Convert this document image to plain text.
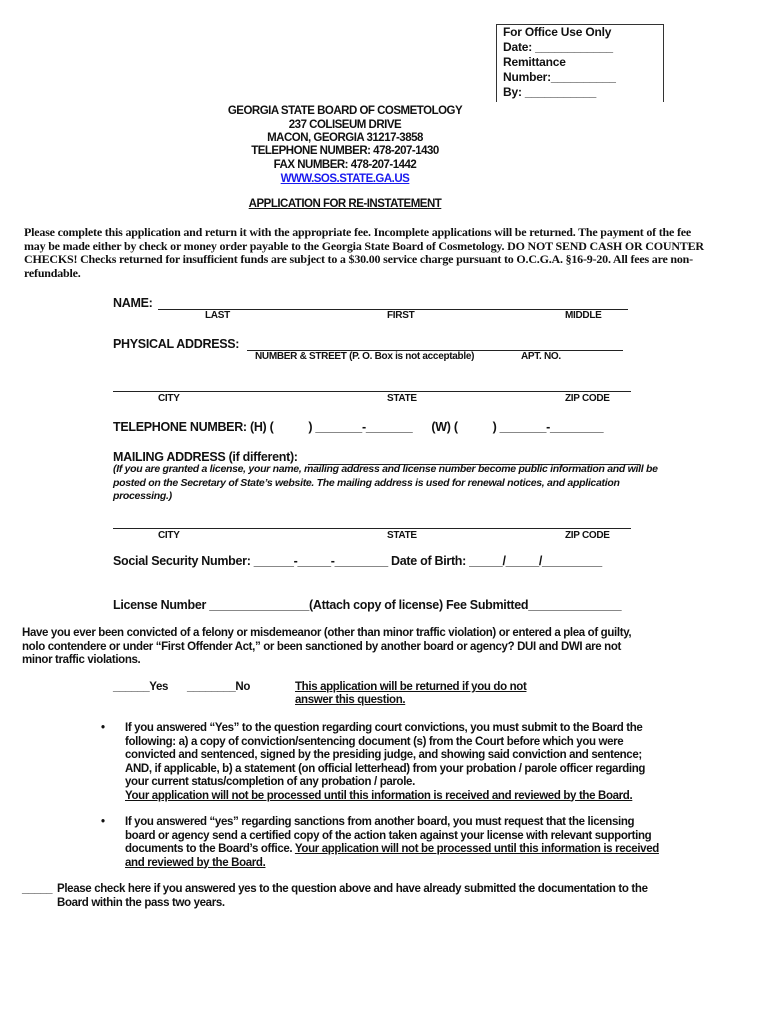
For Office Use Only
Date: ____________
Remittance
Number:__________
By: ___________
GEORGIA STATE BOARD OF COSMETOLOGY
237 COLISEUM DRIVE
MACON, GEORGIA 31217-3858
TELEPHONE NUMBER: 478-207-1430
FAX NUMBER: 478-207-1442
WWW.SOS.STATE.GA.US
APPLICATION FOR RE-INSTATEMENT
Please complete this application and return it with the appropriate fee. Incomplete applications will be returned. The payment of the fee may be made either by check or money order payable to the Georgia State Board of Cosmetology. DO NOT SEND CASH OR COUNTER CHECKS! Checks returned for insufficient funds are subject to a $30.00 service charge pursuant to O.C.G.A. §16-9-20. All fees are non-refundable.
NAME:
LAST	FIRST	MIDDLE
PHYSICAL ADDRESS:
NUMBER & STREET (P. O. Box is not acceptable)	APT. NO.
CITY	STATE	ZIP CODE
TELEPHONE NUMBER: (H) (           ) _______-_______      (W) (           ) _______-________
MAILING ADDRESS (if different):
(If you are granted a license, your name, mailing address and license number become public information and will be posted on the Secretary of State’s website. The mailing address is used for renewal notices, and application processing.)
CITY	STATE	ZIP CODE
Social Security Number: ______-_____-________ Date of Birth: _____/_____/_________
License Number _______________(Attach copy of license) Fee Submitted______________
Have you ever been convicted of a felony or misdemeanor (other than minor traffic violation) or entered a plea of guilty, nolo contendere or under “First Offender Act,” or been sanctioned by another board or agency? DUI and DWI are not minor traffic violations.
______Yes ________No	This application will be returned if you do not
answer this question.
• If you answered “Yes” to the question regarding court convictions, you must submit to the Board the following: a) a copy of conviction/sentencing document (s) from the Court before which you were convicted and sentenced, signed by the presiding judge, and showing said conviction and sentence; AND, if applicable, b) a statement (on official letterhead) from your probation / parole officer regarding your current status/completion of any probation / parole.
Your application will not be processed until this information is received and reviewed by the Board.
• If you answered “yes” regarding sanctions from another board, you must request that the licensing board or agency send a certified copy of the action taken against your license with relevant supporting documents to the Board’s office. Your application will not be processed until this information is received and reviewed by the Board.
_____ Please check here if you answered yes to the question above and have already submitted the documentation to the Board within the pass two years.
